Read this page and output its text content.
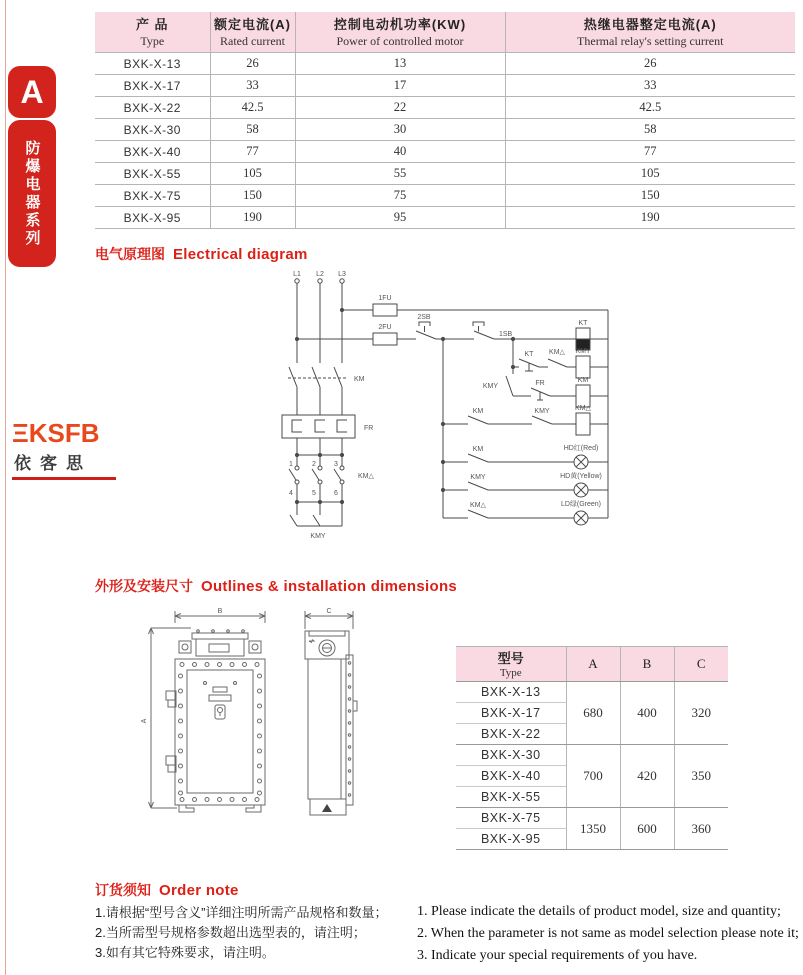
A
防爆电器系列
产 品
Type

额定电流(A)
Rated current

控制电动机功率(KW)
Power of controlled motor

热继电器整定电流(A)
Thermal relay's setting current

BXK-X-13	26	13	26
BXK-X-17	33	17	33
BXK-X-22	42.5	22	42.5
BXK-X-30	58	30	58
BXK-X-40	77	40	77
BXK-X-55	105	55	105
BXK-X-75	150	75	150
BXK-X-95	190	95	190
电气原理图 Electrical diagram
L1 L2 L3
1FU
2FU
2SB
1SB
KT
KMY
KM
KM△
KT KM△
KMY	FR
KM	KMY
KM
KMY
KM△
HD红(Red)
HD黄(Yellow)
LD绿(Green)
KM
FR
KM△
KMY
1	2	3
4	5	6
ΞKSFB
依客思
外形及安装尺寸 Outlines & installation dimensions
B	C
A
型号
Type	A	B	C
BXK-X-13	680	400	320
BXK-X-17			
BXK-X-22			
BXK-X-30	700	420	350
BXK-X-40			
BXK-X-55			
BXK-X-75	1350	600	360
BXK-X-95			
订货须知 Order note
1.请根据“型号含义”详细注明所需产品规格和数量；
2.当所需型号规格参数超出选型表的，请注明；
3.如有其它特殊要求，请注明。
1. Please indicate the details of product model, size and quantity;
2. When the parameter is not same as model selection please note it;
3. Indicate your special requirements of you have.
